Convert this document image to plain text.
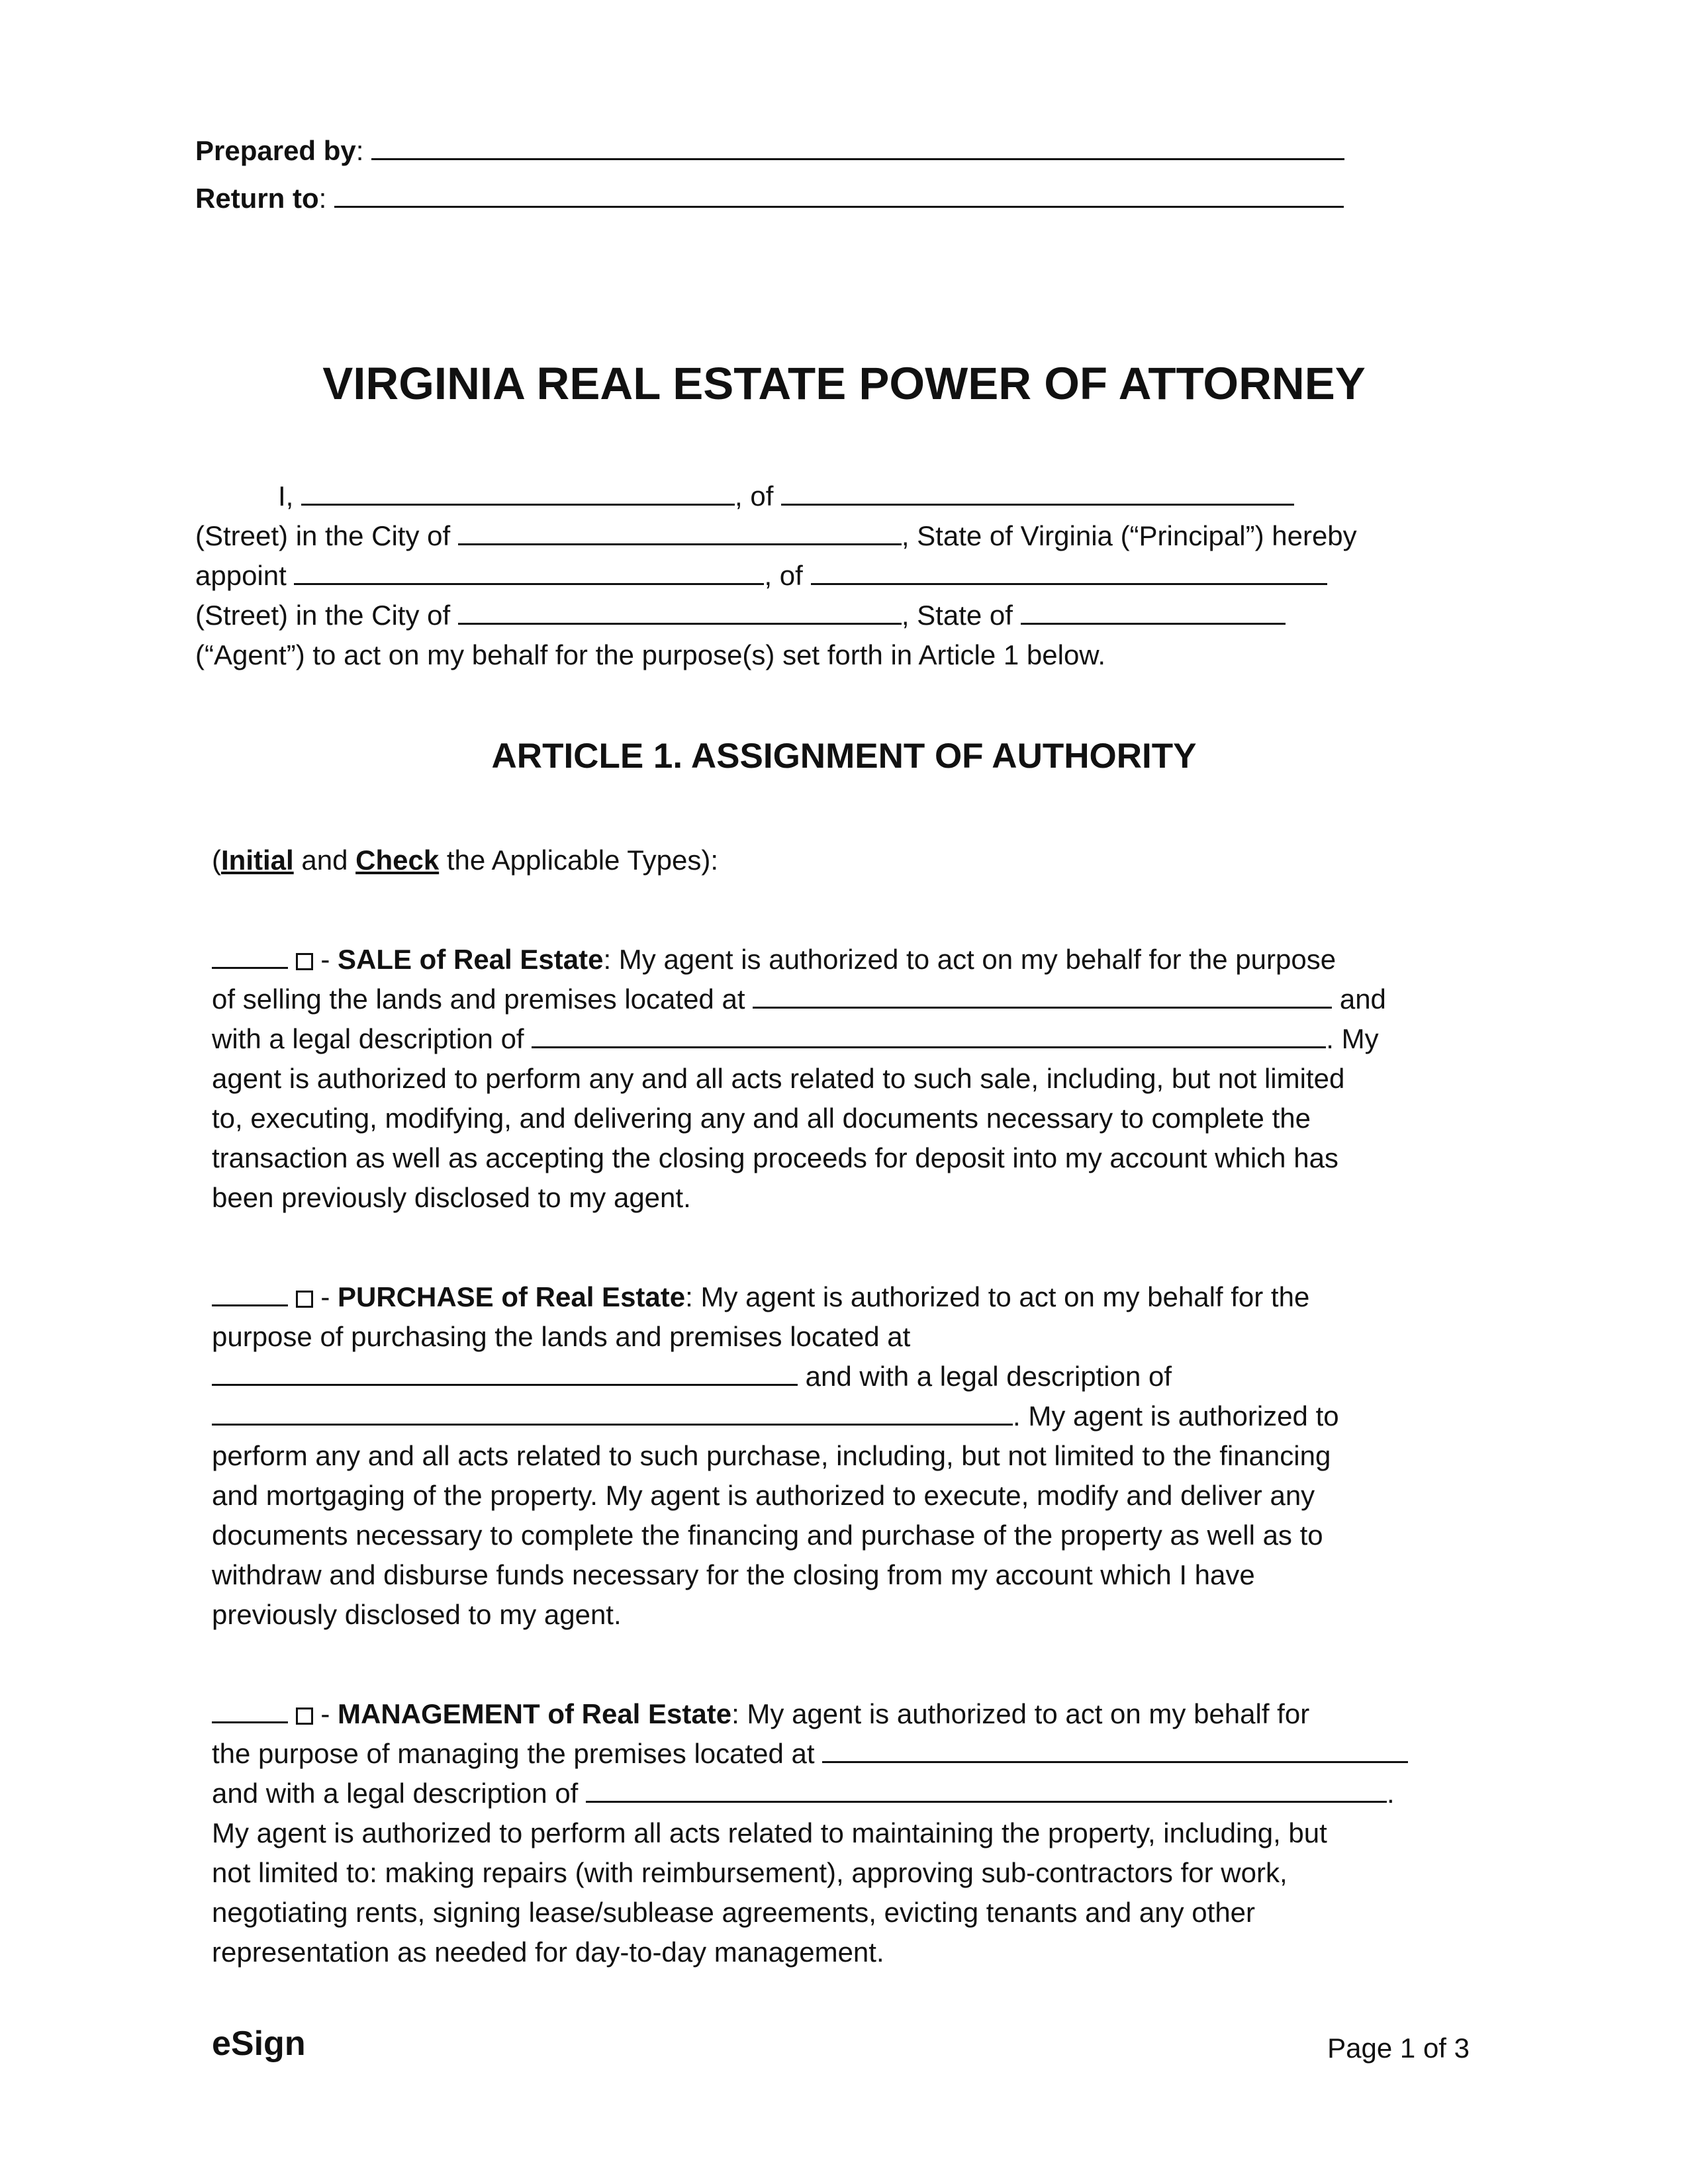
Prepared by:
Return to:
VIRGINIA REAL ESTATE POWER OF ATTORNEY
I,	, of
(Street) in the City of	, State of Virginia (“Principal”) hereby
appoint	, of
(Street) in the City of	, State of
(“Agent”) to act on my behalf for the purpose(s) set forth in Article 1 below.
ARTICLE 1. ASSIGNMENT OF AUTHORITY
(Initial and Check the Applicable Types):
- SALE of Real Estate: My agent is authorized to act on my behalf for the purpose
of selling the lands and premises located at	and
with a legal description of	. My
agent is authorized to perform any and all acts related to such sale, including, but not limited
to, executing, modifying, and delivering any and all documents necessary to complete the
transaction as well as accepting the closing proceeds for deposit into my account which has
been previously disclosed to my agent.
- PURCHASE of Real Estate: My agent is authorized to act on my behalf for the
purpose of purchasing the lands and premises located at
and with a legal description of
. My agent is authorized to
perform any and all acts related to such purchase, including, but not limited to the financing
and mortgaging of the property. My agent is authorized to execute, modify and deliver any
documents necessary to complete the financing and purchase of the property as well as to
withdraw and disburse funds necessary for the closing from my account which I have
previously disclosed to my agent.
- MANAGEMENT of Real Estate: My agent is authorized to act on my behalf for
the purpose of managing the premises located at
and with a legal description of	.
My agent is authorized to perform all acts related to maintaining the property, including, but
not limited to: making repairs (with reimbursement), approving sub-contractors for work,
negotiating rents, signing lease/sublease agreements, evicting tenants and any other
representation as needed for day-to-day management.
eSign	Page 1 of 3
